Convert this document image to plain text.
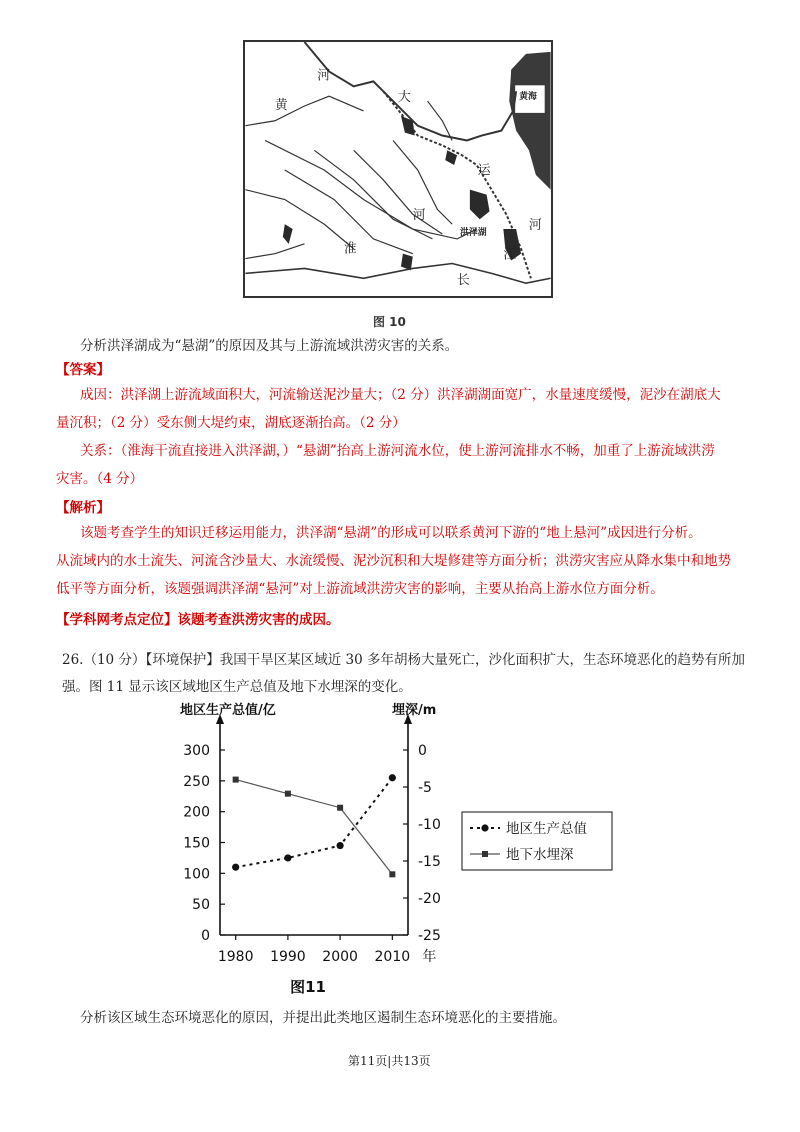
黄
河
大	黄海
运
河
河
洪泽湖
淮	江
长
图 10
分析洪泽湖成为“悬湖”的原因及其与上游流域洪涝灾害的关系。
【答案】
成因：洪泽湖上游流域面积大，河流输送泥沙量大；（2 分）洪泽湖湖面宽广，水量速度缓慢，泥沙在湖底大
量沉积；（2 分）受东侧大堤约束，湖底逐渐抬高。（2 分）
关系：（淮海干流直接进入洪泽湖，）“悬湖”抬高上游河流水位，使上游河流排水不畅，加重了上游流域洪涝
灾害。（4 分）
【解析】
该题考查学生的知识迁移运用能力，洪泽湖“悬湖”的形成可以联系黄河下游的“地上悬河”成因进行分析。
从流域内的水土流失、河流含沙量大、水流缓慢、泥沙沉积和大堤修建等方面分析；洪涝灾害应从降水集中和地势
低平等方面分析，该题强调洪泽湖“悬河”对上游流域洪涝灾害的影响，主要从抬高上游水位方面分析。
【学科网考点定位】该题考查洪涝灾害的成因。
26.（10 分）【环境保护】我国干旱区某区域近 30 多年胡杨大量死亡，沙化面积扩大，生态环境恶化的趋势有所加
强。图 11 显示该区域地区生产总值及地下水埋深的变化。
地区生产总值/亿	埋深/m
0
50
100
150
200
250
300	0
-5
-10
-15
-20
-25
1980 1990 2000 2010 年
地区生产总值
地下水埋深
图11
分析该区域生态环境恶化的原因，并提出此类地区遏制生态环境恶化的主要措施。
第11页|共13页
